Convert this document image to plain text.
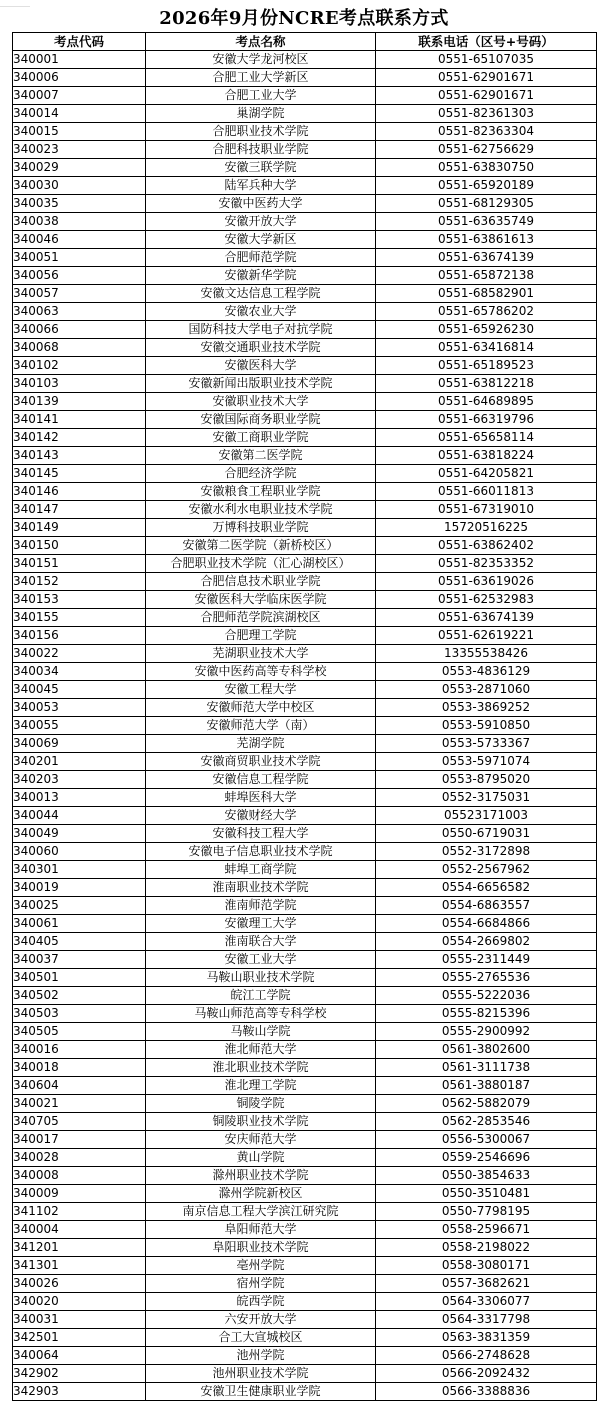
2026年9月份NCRE考点联系方式
考点代码	考点名称	联系电话（区号+号码）
340001	安徽大学龙河校区	0551-65107035
340006	合肥工业大学新区	0551-62901671
340007	合肥工业大学	0551-62901671
340014	巢湖学院	0551-82361303
340015	合肥职业技术学院	0551-82363304
340023	合肥科技职业学院	0551-62756629
340029	安徽三联学院	0551-63830750
340030	陆军兵种大学	0551-65920189
340035	安徽中医药大学	0551-68129305
340038	安徽开放大学	0551-63635749
340046	安徽大学新区	0551-63861613
340051	合肥师范学院	0551-63674139
340056	安徽新华学院	0551-65872138
340057	安徽文达信息工程学院	0551-68582901
340063	安徽农业大学	0551-65786202
340066	国防科技大学电子对抗学院	0551-65926230
340068	安徽交通职业技术学院	0551-63416814
340102	安徽医科大学	0551-65189523
340103	安徽新闻出版职业技术学院	0551-63812218
340139	安徽职业技术大学	0551-64689895
340141	安徽国际商务职业学院	0551-66319796
340142	安徽工商职业学院	0551-65658114
340143	安徽第二医学院	0551-63818224
340145	合肥经济学院	0551-64205821
340146	安徽粮食工程职业学院	0551-66011813
340147	安徽水利水电职业技术学院	0551-67319010
340149	万博科技职业学院	15720516225
340150	安徽第二医学院（新桥校区）	0551-63862402
340151	合肥职业技术学院（汇心湖校区）	0551-82353352
340152	合肥信息技术职业学院	0551-63619026
340153	安徽医科大学临床医学院	0551-62532983
340155	合肥师范学院滨湖校区	0551-63674139
340156	合肥理工学院	0551-62619221
340022	芜湖职业技术大学	13355538426
340034	安徽中医药高等专科学校	0553-4836129
340045	安徽工程大学	0553-2871060
340053	安徽师范大学中校区	0553-3869252
340055	安徽师范大学（南）	0553-5910850
340069	芜湖学院	0553-5733367
340201	安徽商贸职业技术学院	0553-5971074
340203	安徽信息工程学院	0553-8795020
340013	蚌埠医科大学	0552-3175031
340044	安徽财经大学	05523171003
340049	安徽科技工程大学	0550-6719031
340060	安徽电子信息职业技术学院	0552-3172898
340301	蚌埠工商学院	0552-2567962
340019	淮南职业技术学院	0554-6656582
340025	淮南师范学院	0554-6863557
340061	安徽理工大学	0554-6684866
340405	淮南联合大学	0554-2669802
340037	安徽工业大学	0555-2311449
340501	马鞍山职业技术学院	0555-2765536
340502	皖江工学院	0555-5222036
340503	马鞍山师范高等专科学校	0555-8215396
340505	马鞍山学院	0555-2900992
340016	淮北师范大学	0561-3802600
340018	淮北职业技术学院	0561-3111738
340604	淮北理工学院	0561-3880187
340021	铜陵学院	0562-5882079
340705	铜陵职业技术学院	0562-2853546
340017	安庆师范大学	0556-5300067
340028	黄山学院	0559-2546696
340008	滁州职业技术学院	0550-3854633
340009	滁州学院新校区	0550-3510481
341102	南京信息工程大学滨江研究院	0550-7798195
340004	阜阳师范大学	0558-2596671
341201	阜阳职业技术学院	0558-2198022
341301	亳州学院	0558-3080171
340026	宿州学院	0557-3682621
340020	皖西学院	0564-3306077
340031	六安开放大学	0564-3317798
342501	合工大宣城校区	0563-3831359
340064	池州学院	0566-2748628
342902	池州职业技术学院	0566-2092432
342903	安徽卫生健康职业学院	0566-3388836
